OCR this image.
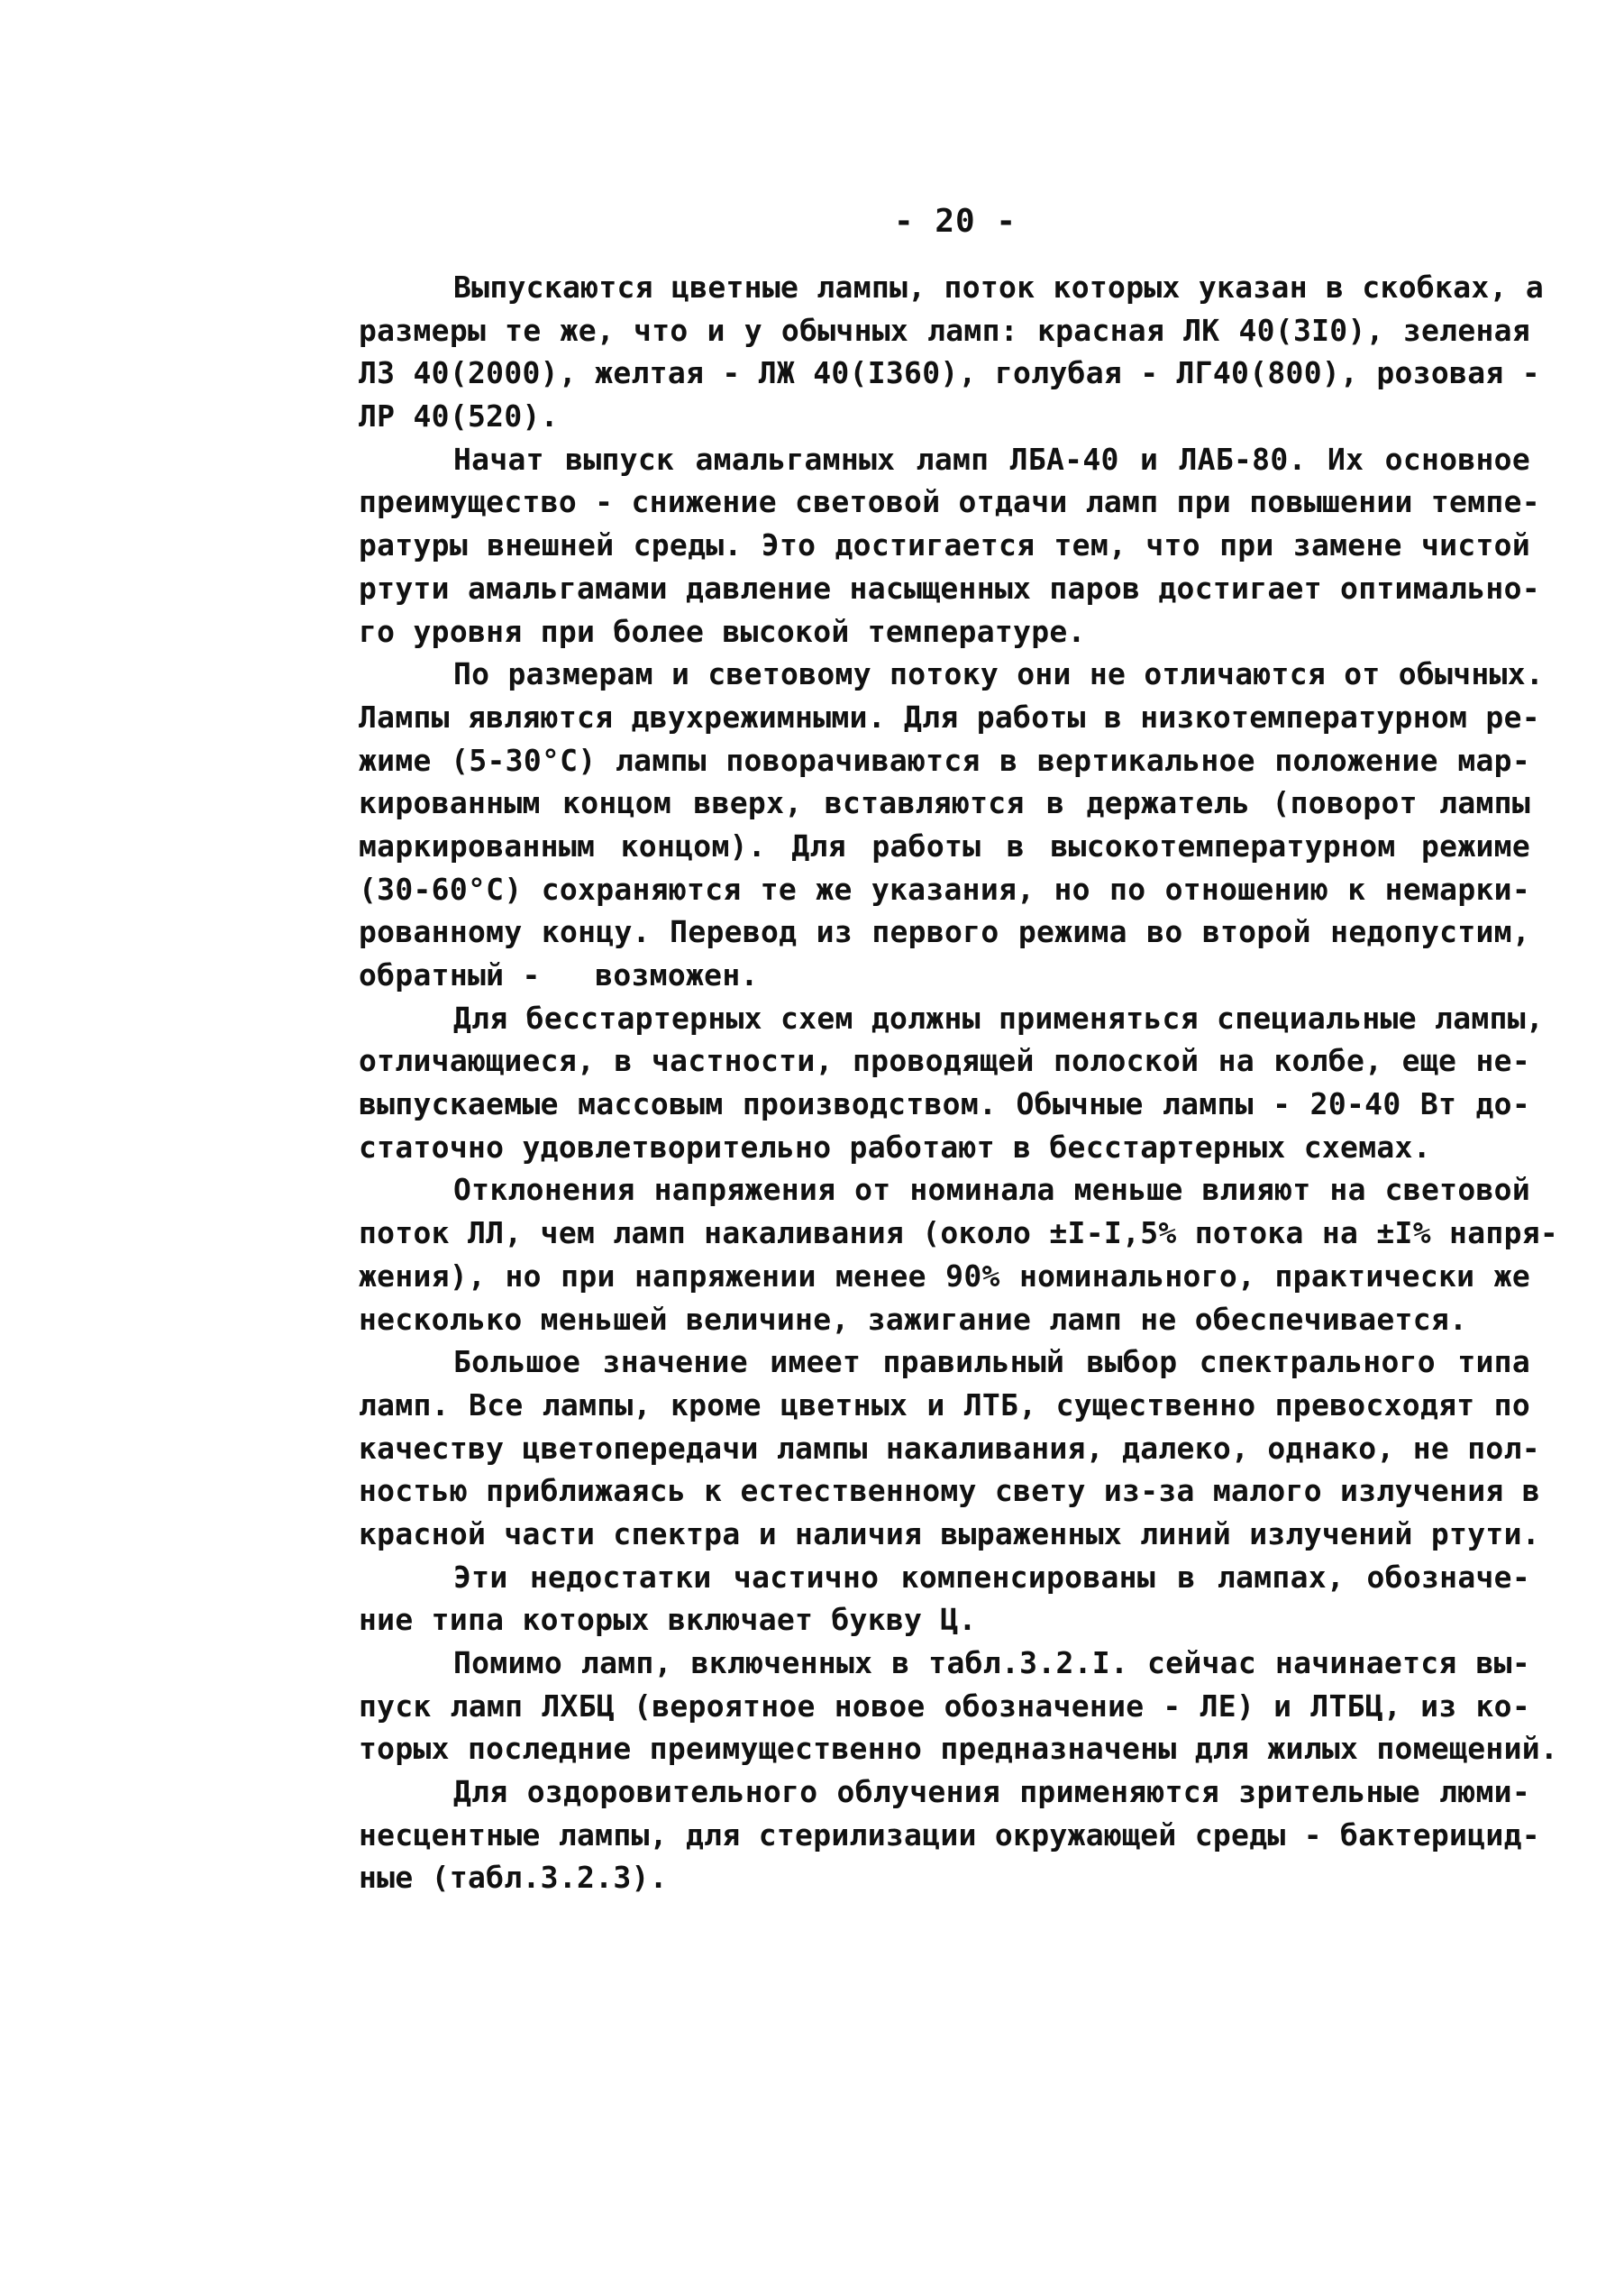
- 20 -
Выпускаются цветные лампы, поток которых указан в скобках, а
размеры те же, что и у обычных ламп: красная ЛК 40(3I0), зеленая
ЛЗ 40(2000), желтая - ЛЖ 40(I360), голубая - ЛГ40(800), розовая -
ЛР 40(520).
Начат выпуск амальгамных ламп ЛБА-40 и ЛАБ-80. Их основное
преимущество - снижение световой отдачи ламп при повышении темпе-
ратуры внешней среды. Это достигается тем, что при замене чистой
ртути амальгамами давление насыщенных паров достигает оптимально-
го уровня при более высокой температуре.
По размерам и световому потоку они не отличаются от обычных.
Лампы являются двухрежимными. Для работы в низкотемпературном ре-
жиме (5-30°C) лампы поворачиваются в вертикальное положение мар-
кированным концом вверх, вставляются в держатель (поворот лампы
маркированным концом). Для работы в высокотемпературном режиме
(30-60°C) сохраняются те же указания, но по отношению к немарки-
рованному концу. Перевод из первого режима во второй недопустим,
обратный -   возможен.
Для бесстартерных схем должны применяться специальные лампы,
отличающиеся, в частности, проводящей полоской на колбе, еще не-
выпускаемые массовым производством. Обычные лампы - 20-40 Вт до-
статочно удовлетворительно работают в бесстартерных схемах.
Отклонения напряжения от номинала меньше влияют на световой
поток ЛЛ, чем ламп накаливания (около ±I-I,5% потока на ±I% напря-
жения), но при напряжении менее 90% номинального, практически же
несколько меньшей величине, зажигание ламп не обеспечивается.
Большое значение имеет правильный выбор спектрального типа
ламп. Все лампы, кроме цветных и ЛТБ, существенно превосходят по
качеству цветопередачи лампы накаливания, далеко, однако, не пол-
ностью приближаясь к естественному свету из-за малого излучения в
красной части спектра и наличия выраженных линий излучений ртути.
Эти недостатки частично компенсированы в лампах, обозначе-
ние типа которых включает букву Ц.
Помимо ламп, включенных в табл.3.2.I. сейчас начинается вы-
пуск ламп ЛХБЦ (вероятное новое обозначение - ЛЕ) и ЛТБЦ, из ко-
торых последние преимущественно предназначены для жилых помещений.
Для оздоровительного облучения применяются зрительные люми-
несцентные лампы, для стерилизации окружающей среды - бактерицид-
ные (табл.3.2.3).
